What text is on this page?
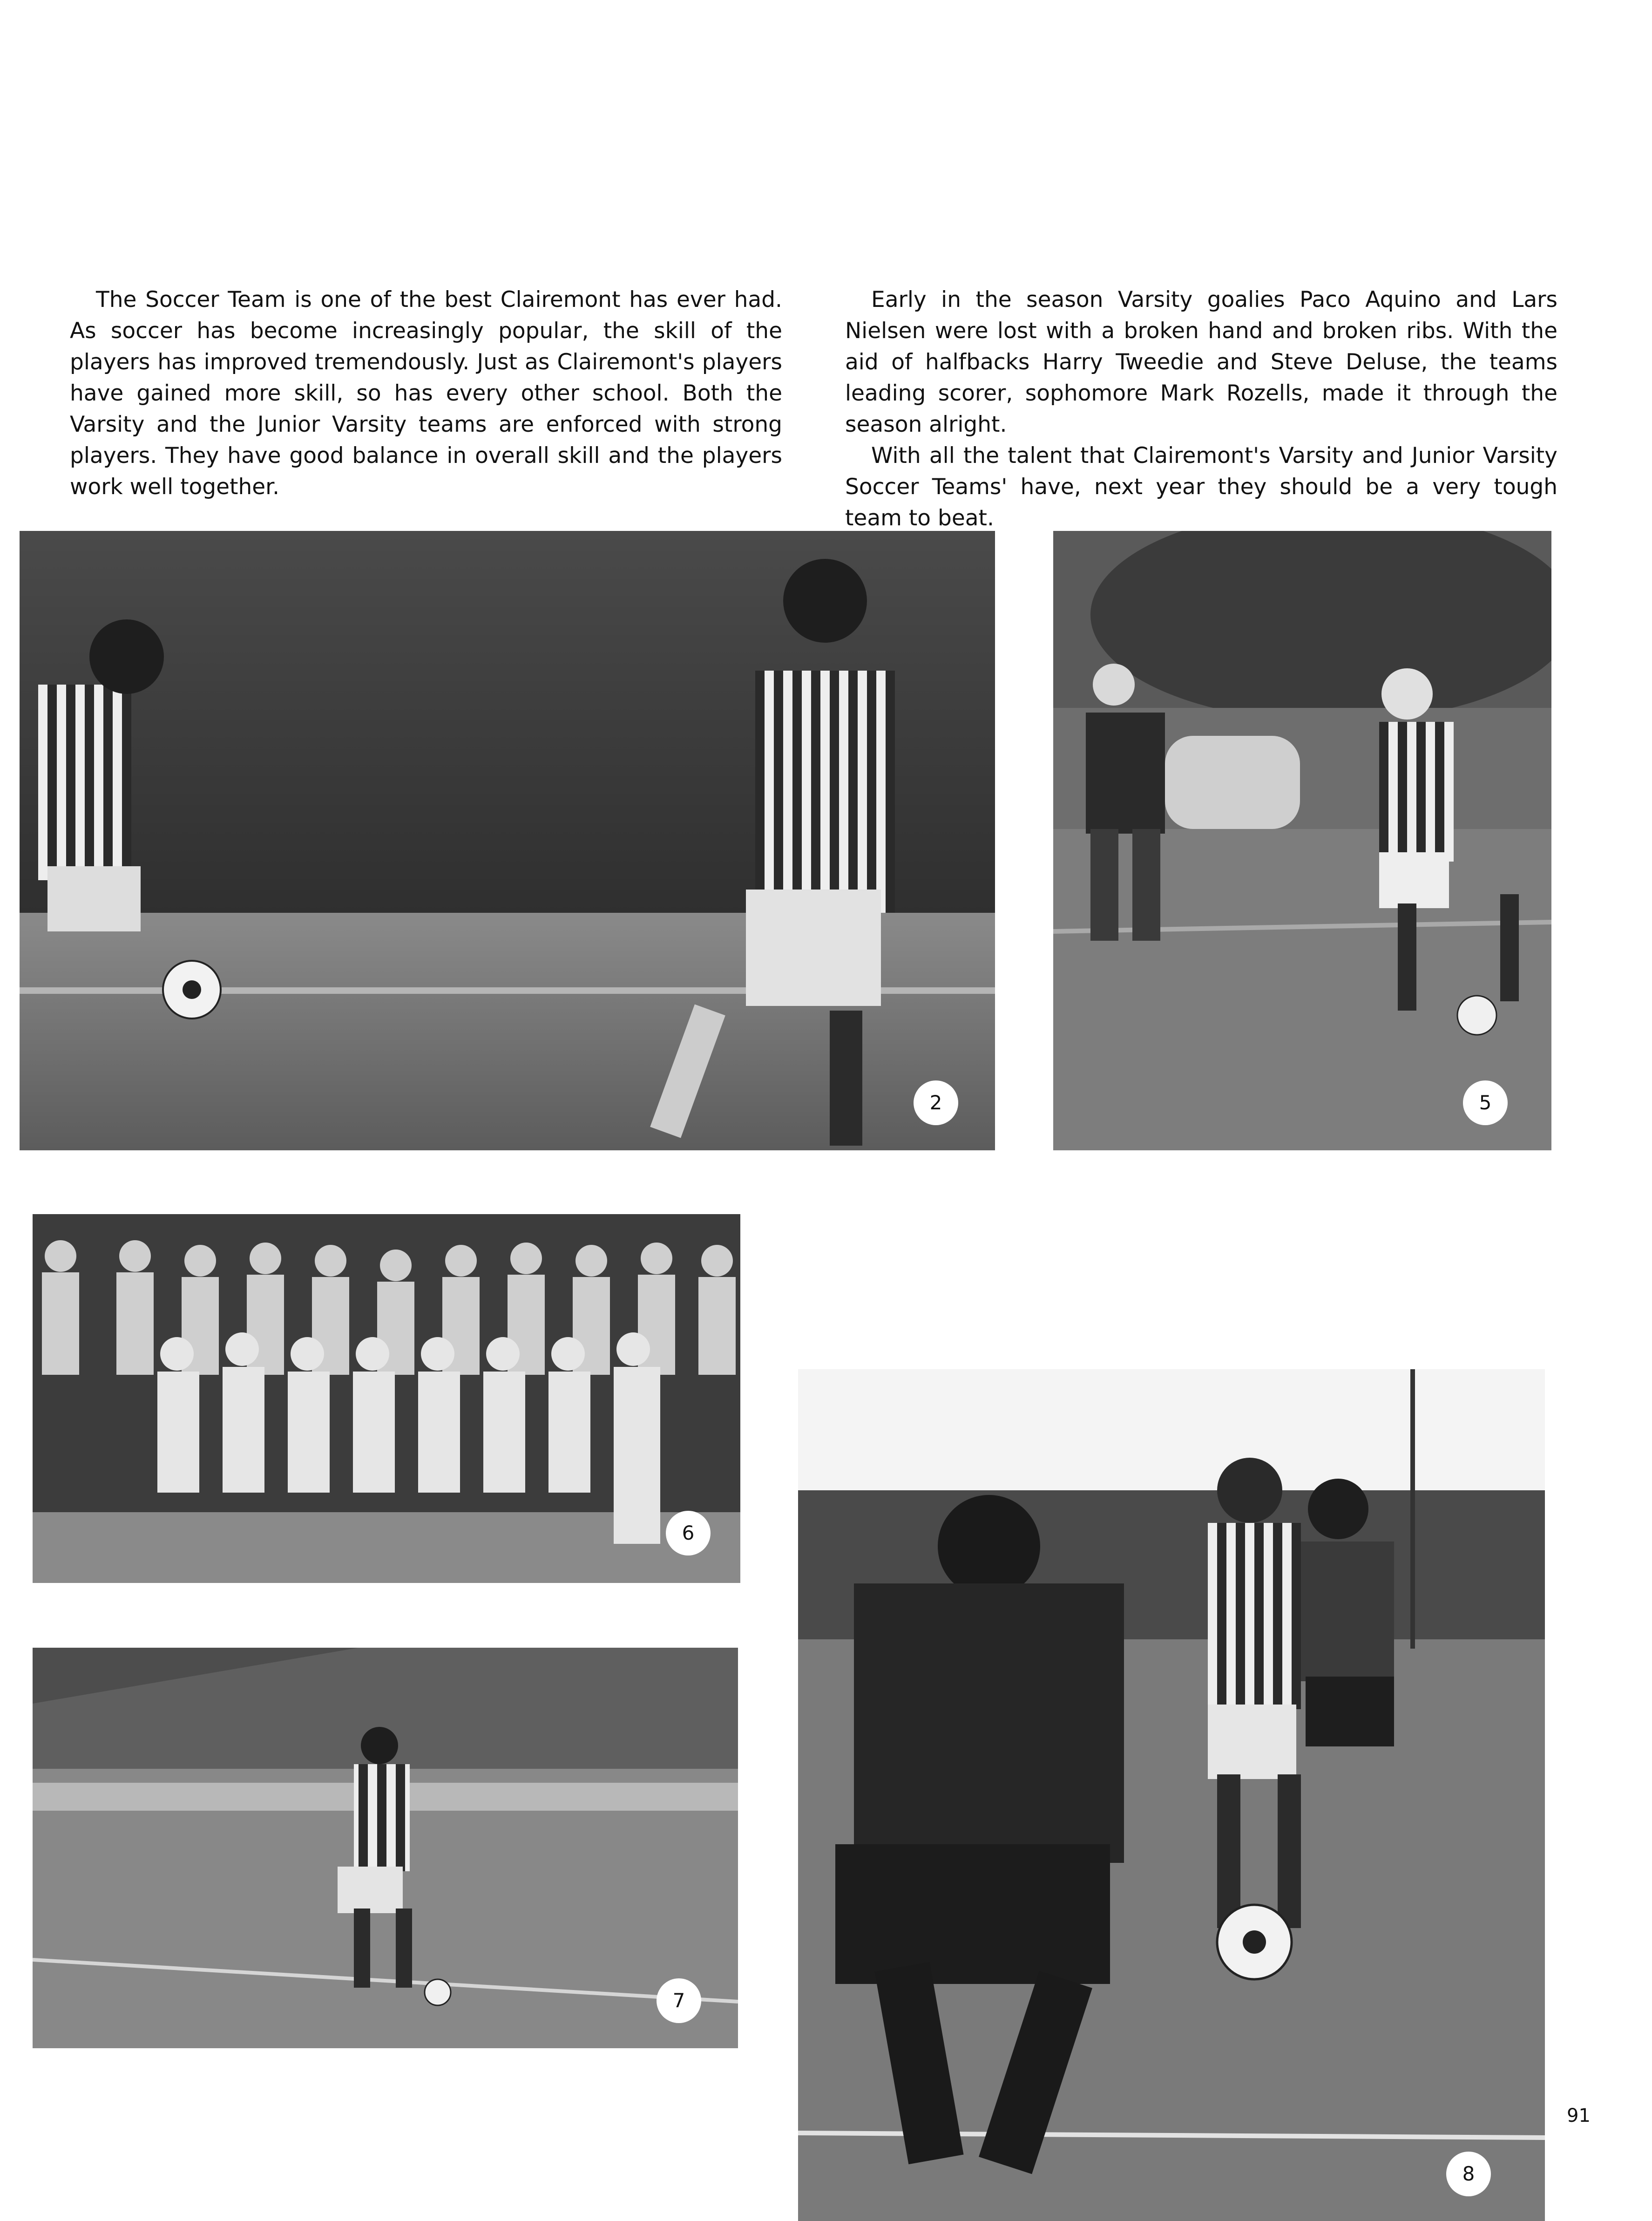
The Soccer Team is one of the best Clairemont has ever had. As soccer has become increasingly popular, the skill of the players has improved tremendously. Just as Clairemont's players have gained more skill, so has every other school. Both the Varsity and the Junior Varsity teams are enforced with strong players. They have good balance in overall skill and the players work well together.

Early in the season Varsity goalies Paco Aquino and Lars Nielsen were lost with a broken hand and broken ribs. With the aid of halfbacks Harry Tweedie and Steve Deluse, the teams leading scorer, sophomore Mark Rozells, made it through the season alright.

With all the talent that Clairemont's Varsity and Junior Varsity Soccer Teams' have, next year they should be a very tough team to beat.

2	5
6
7
8
91
